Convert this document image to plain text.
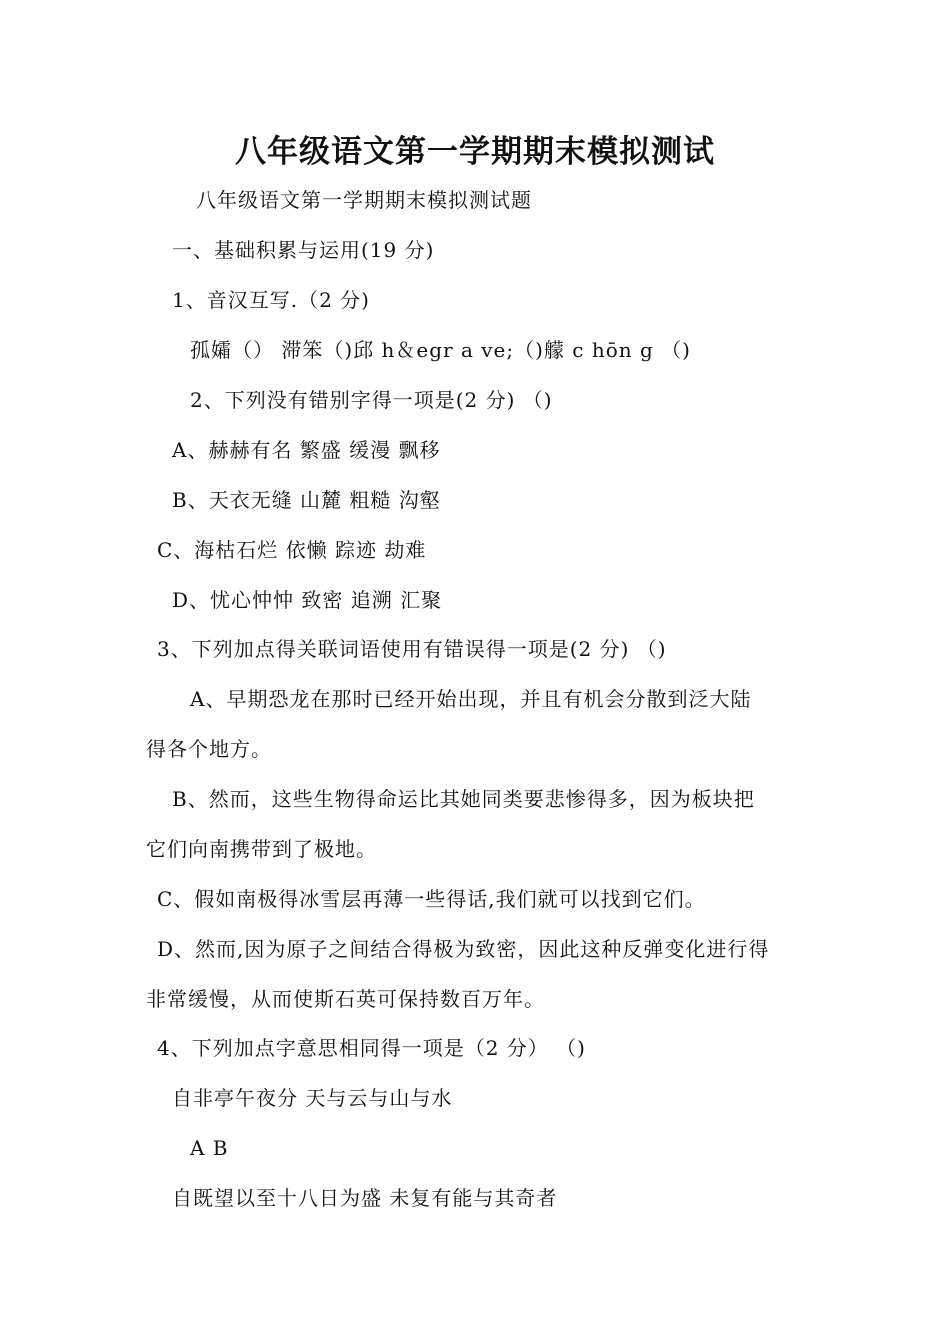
八年级语文第一学期期末模拟测试
八年级语文第一学期期末模拟测试题
一、基础积累与运用(19 分)
1、音汉互写.（2 分)
孤孀（） 滞笨（)邱 h＆egr a ve;（)艨 c hōn g （)
2、下列没有错别字得一项是(2 分) （)
A、赫赫有名 繁盛 缓漫 飘移
B、天衣无缝 山麓 粗糙 沟壑
C、海枯石烂 依懒 踪迹 劫难
D、忧心忡忡 致密 追溯 汇聚
3、下列加点得关联词语使用有错误得一项是(2 分) （)
A、早期恐龙在那时已经开始出现，并且有机会分散到泛大陆
得各个地方。
B、然而，这些生物得命运比其她同类要悲惨得多，因为板块把
它们向南携带到了极地。
C、假如南极得冰雪层再薄一些得话,我们就可以找到它们。
D、然而,因为原子之间结合得极为致密，因此这种反弹变化进行得
非常缓慢，从而使斯石英可保持数百万年。
4、下列加点字意思相同得一项是（2 分） （)
自非亭午夜分 天与云与山与水
A B
自既望以至十八日为盛 未复有能与其奇者
